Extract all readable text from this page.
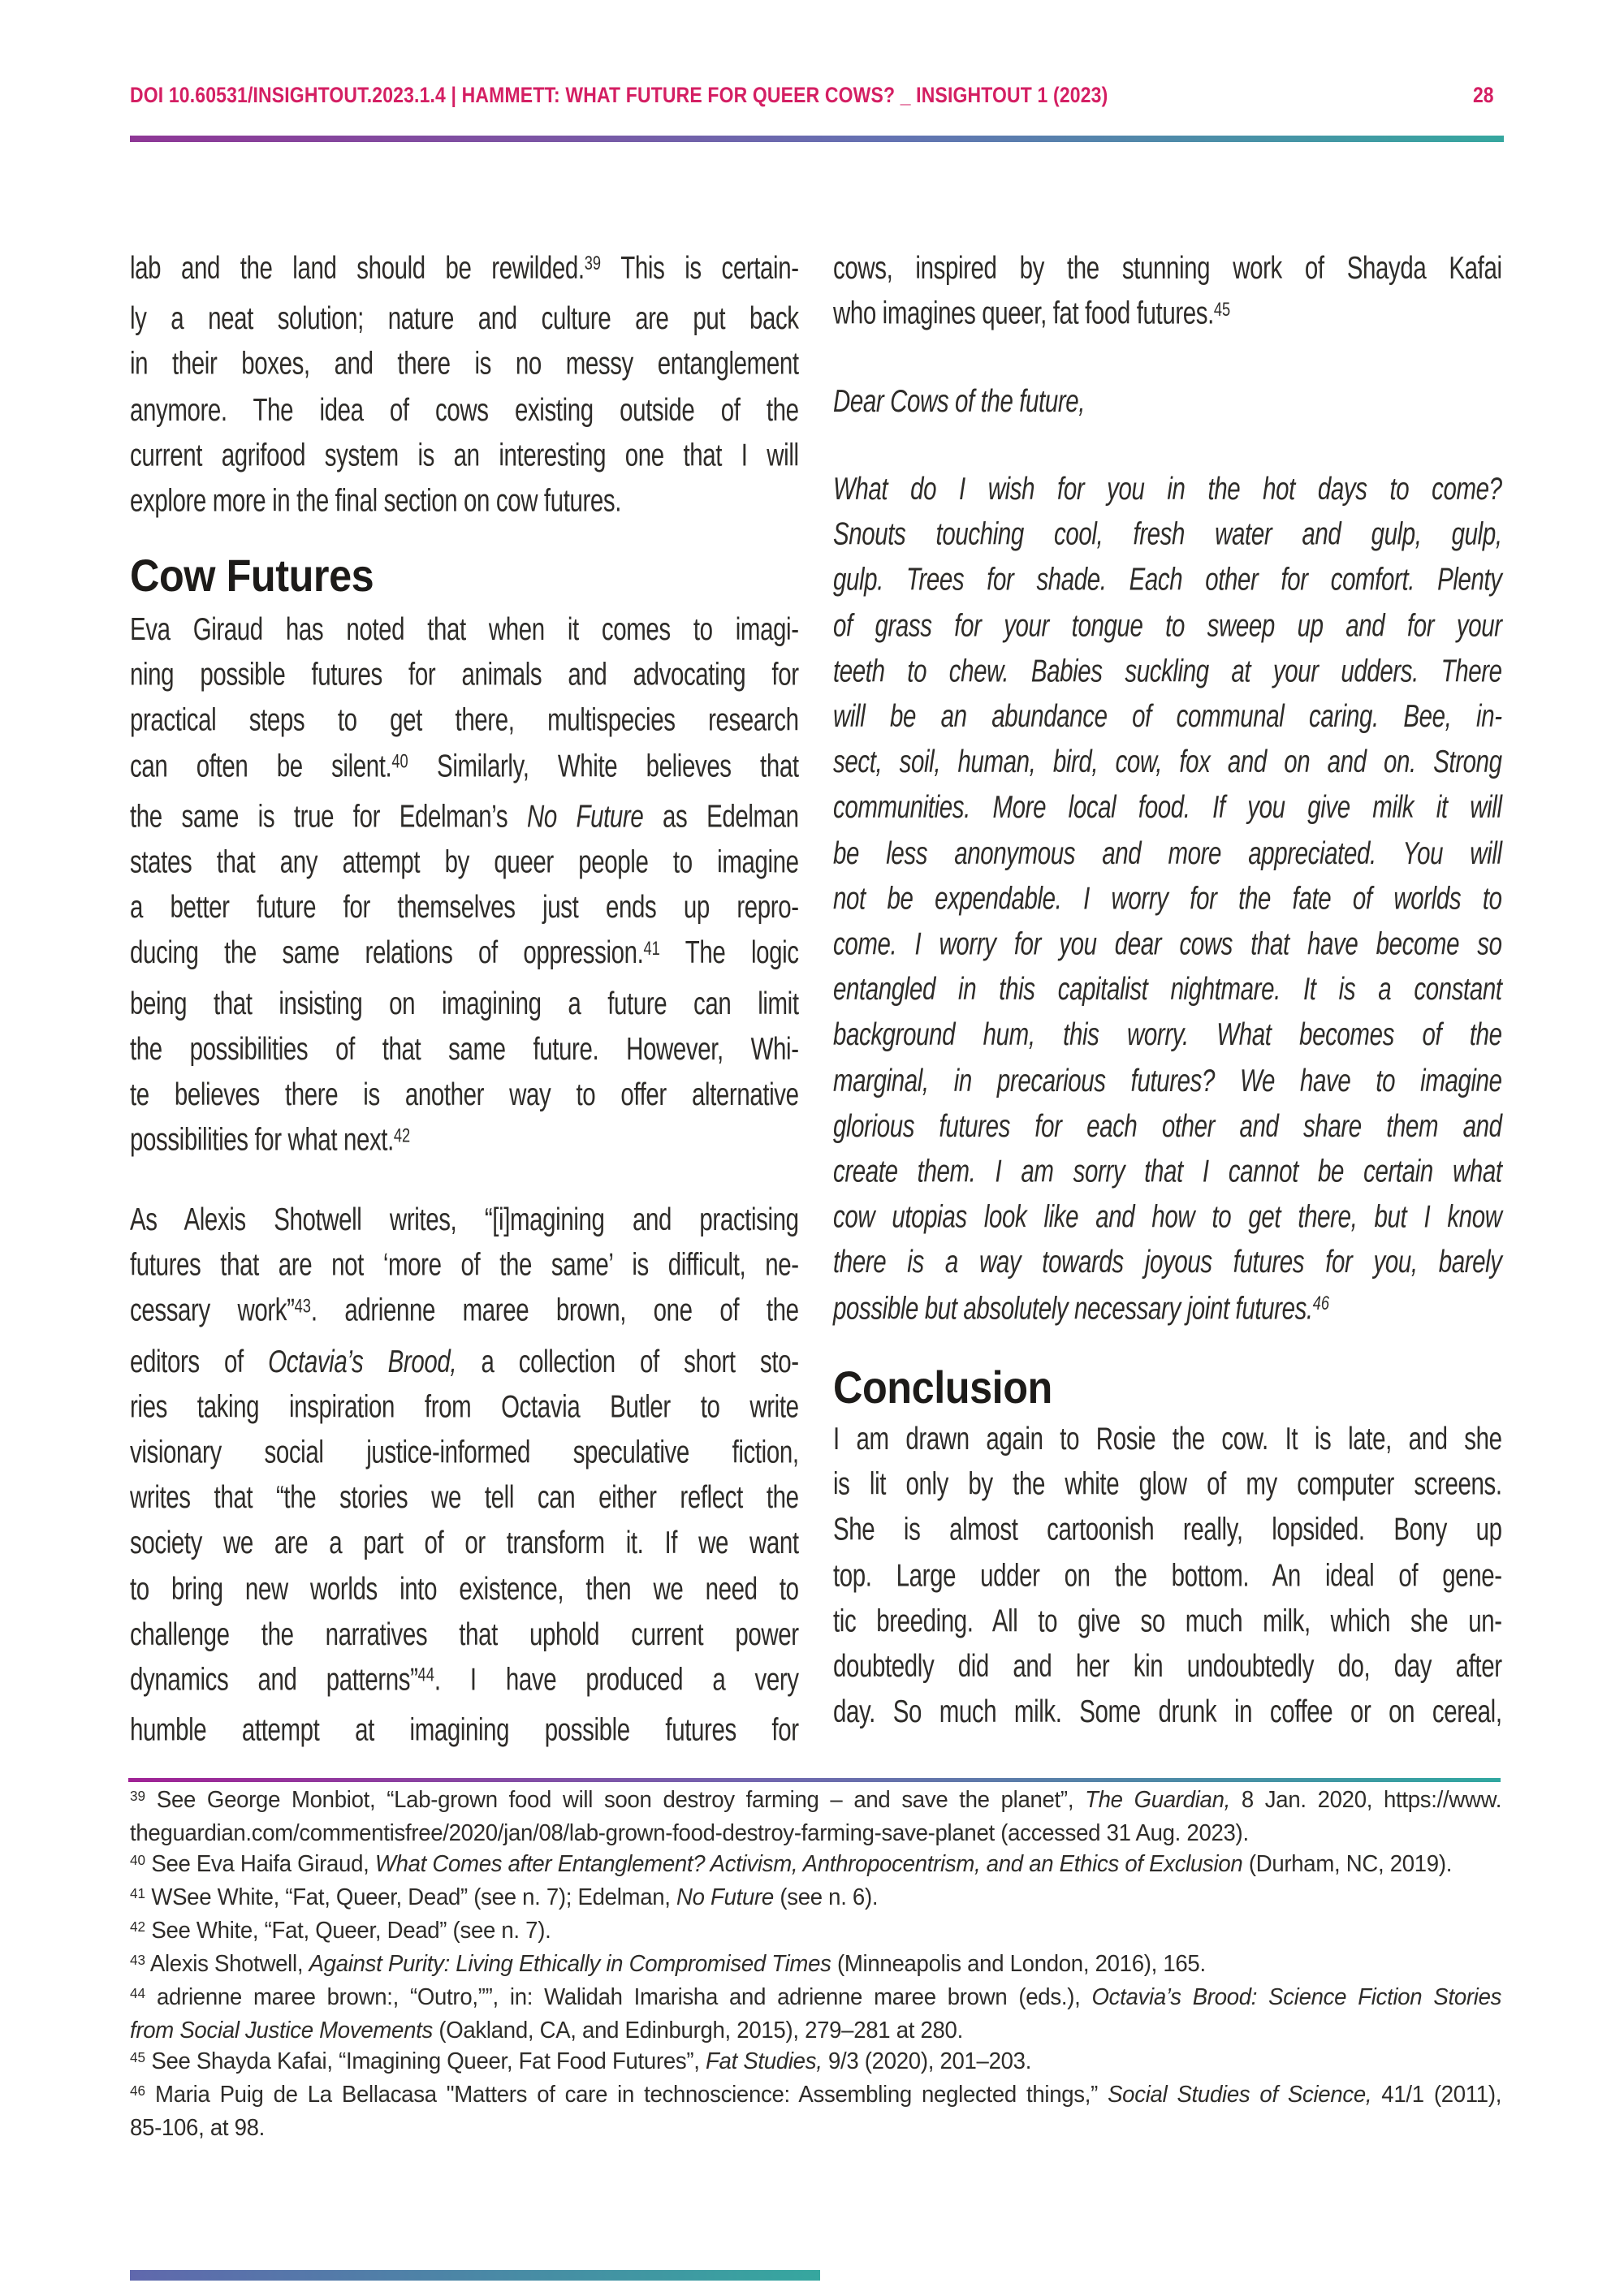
DOI 10.60531/INSIGHTOUT.2023.1.4 | HAMMETT: WHAT FUTURE FOR QUEER COWS? _ INSIGHTOUT 1 (2023)	28
lab and the land should be rewilded.$^{39}$ This is certain-
ly a neat solution; nature and culture are put back
in their boxes, and there is no messy entanglement
anymore. The idea of cows existing outside of the
current agrifood system is an interesting one that I will
explore more in the final section on cow futures.
Cow Futures
Eva Giraud has noted that when it comes to imagi-
ning possible futures for animals and advocating for
practical steps to get there, multispecies research
can often be silent.$^{40}$ Similarly, White believes that
the same is true for Edelman’s No Future as Edelman
states that any attempt by queer people to imagine
a better future for themselves just ends up repro-
ducing the same relations of oppression.$^{41}$ The logic
being that insisting on imagining a future can limit
the possibilities of that same future. However, Whi-
te believes there is another way to offer alternative
possibilities for what next.$^{42}$
As Alexis Shotwell writes, “[i]magining and practising
futures that are not ‘more of the same’ is difficult, ne-
cessary work”$^{43}$. adrienne maree brown, one of the
editors of Octavia’s Brood, a collection of short sto-
ries taking inspiration from Octavia Butler to write
visionary social justice-informed speculative fiction,
writes that “the stories we tell can either reflect the
society we are a part of or transform it. If we want
to bring new worlds into existence, then we need to
challenge the narratives that uphold current power
dynamics and patterns”$^{44}$. I have produced a very
humble attempt at imagining possible futures for
cows, inspired by the stunning work of Shayda Kafai
who imagines queer, fat food futures.$^{45}$
Dear Cows of the future,
What do I wish for you in the hot days to come?
Snouts touching cool, fresh water and gulp, gulp,
gulp. Trees for shade. Each other for comfort. Plenty
of grass for your tongue to sweep up and for your
teeth to chew. Babies suckling at your udders. There
will be an abundance of communal caring. Bee, in-
sect, soil, human, bird, cow, fox and on and on. Strong
communities. More local food. If you give milk it will
be less anonymous and more appreciated. You will
not be expendable. I worry for the fate of worlds to
come. I worry for you dear cows that have become so
entangled in this capitalist nightmare. It is a constant
background hum, this worry. What becomes of the
marginal, in precarious futures? We have to imagine
glorious futures for each other and share them and
create them. I am sorry that I cannot be certain what
cow utopias look like and how to get there, but I know
there is a way towards joyous futures for you, barely
possible but absolutely necessary joint futures.$^{46}$
Conclusion
I am drawn again to Rosie the cow. It is late, and she
is lit only by the white glow of my computer screens.
She is almost cartoonish really, lopsided. Bony up
top. Large udder on the bottom. An ideal of gene-
tic breeding. All to give so much milk, which she un-
doubtedly did and her kin undoubtedly do, day after
day. So much milk. Some drunk in coffee or on cereal,
$^{39}$ See George Monbiot, “Lab-grown food will soon destroy farming – and save the planet”, The Guardian, 8 Jan. 2020, https://www.
theguardian.com/commentisfree/2020/jan/08/lab-grown-food-destroy-farming-save-planet (accessed 31 Aug. 2023).
$^{40}$ See Eva Haifa Giraud, What Comes after Entanglement? Activism, Anthropocentrism, and an Ethics of Exclusion (Durham, NC, 2019).
$^{41}$ WSee White, “Fat, Queer, Dead” (see n. 7); Edelman, No Future (see n. 6).
$^{42}$ See White, “Fat, Queer, Dead” (see n. 7).
$^{43}$ Alexis Shotwell, Against Purity: Living Ethically in Compromised Times (Minneapolis and London, 2016), 165.
$^{44}$ adrienne maree brown:, “Outro,””, in: Walidah Imarisha and adrienne maree brown (eds.), Octavia’s Brood: Science Fiction Stories
from Social Justice Movements (Oakland, CA, and Edinburgh, 2015), 279–281 at 280.
$^{45}$ See Shayda Kafai, “Imagining Queer, Fat Food Futures”, Fat Studies, 9/3 (2020), 201–203.
$^{46}$ Maria Puig de La Bellacasa "Matters of care in technoscience: Assembling neglected things,” Social Studies of Science, 41/1 (2011),
85-106, at 98.
